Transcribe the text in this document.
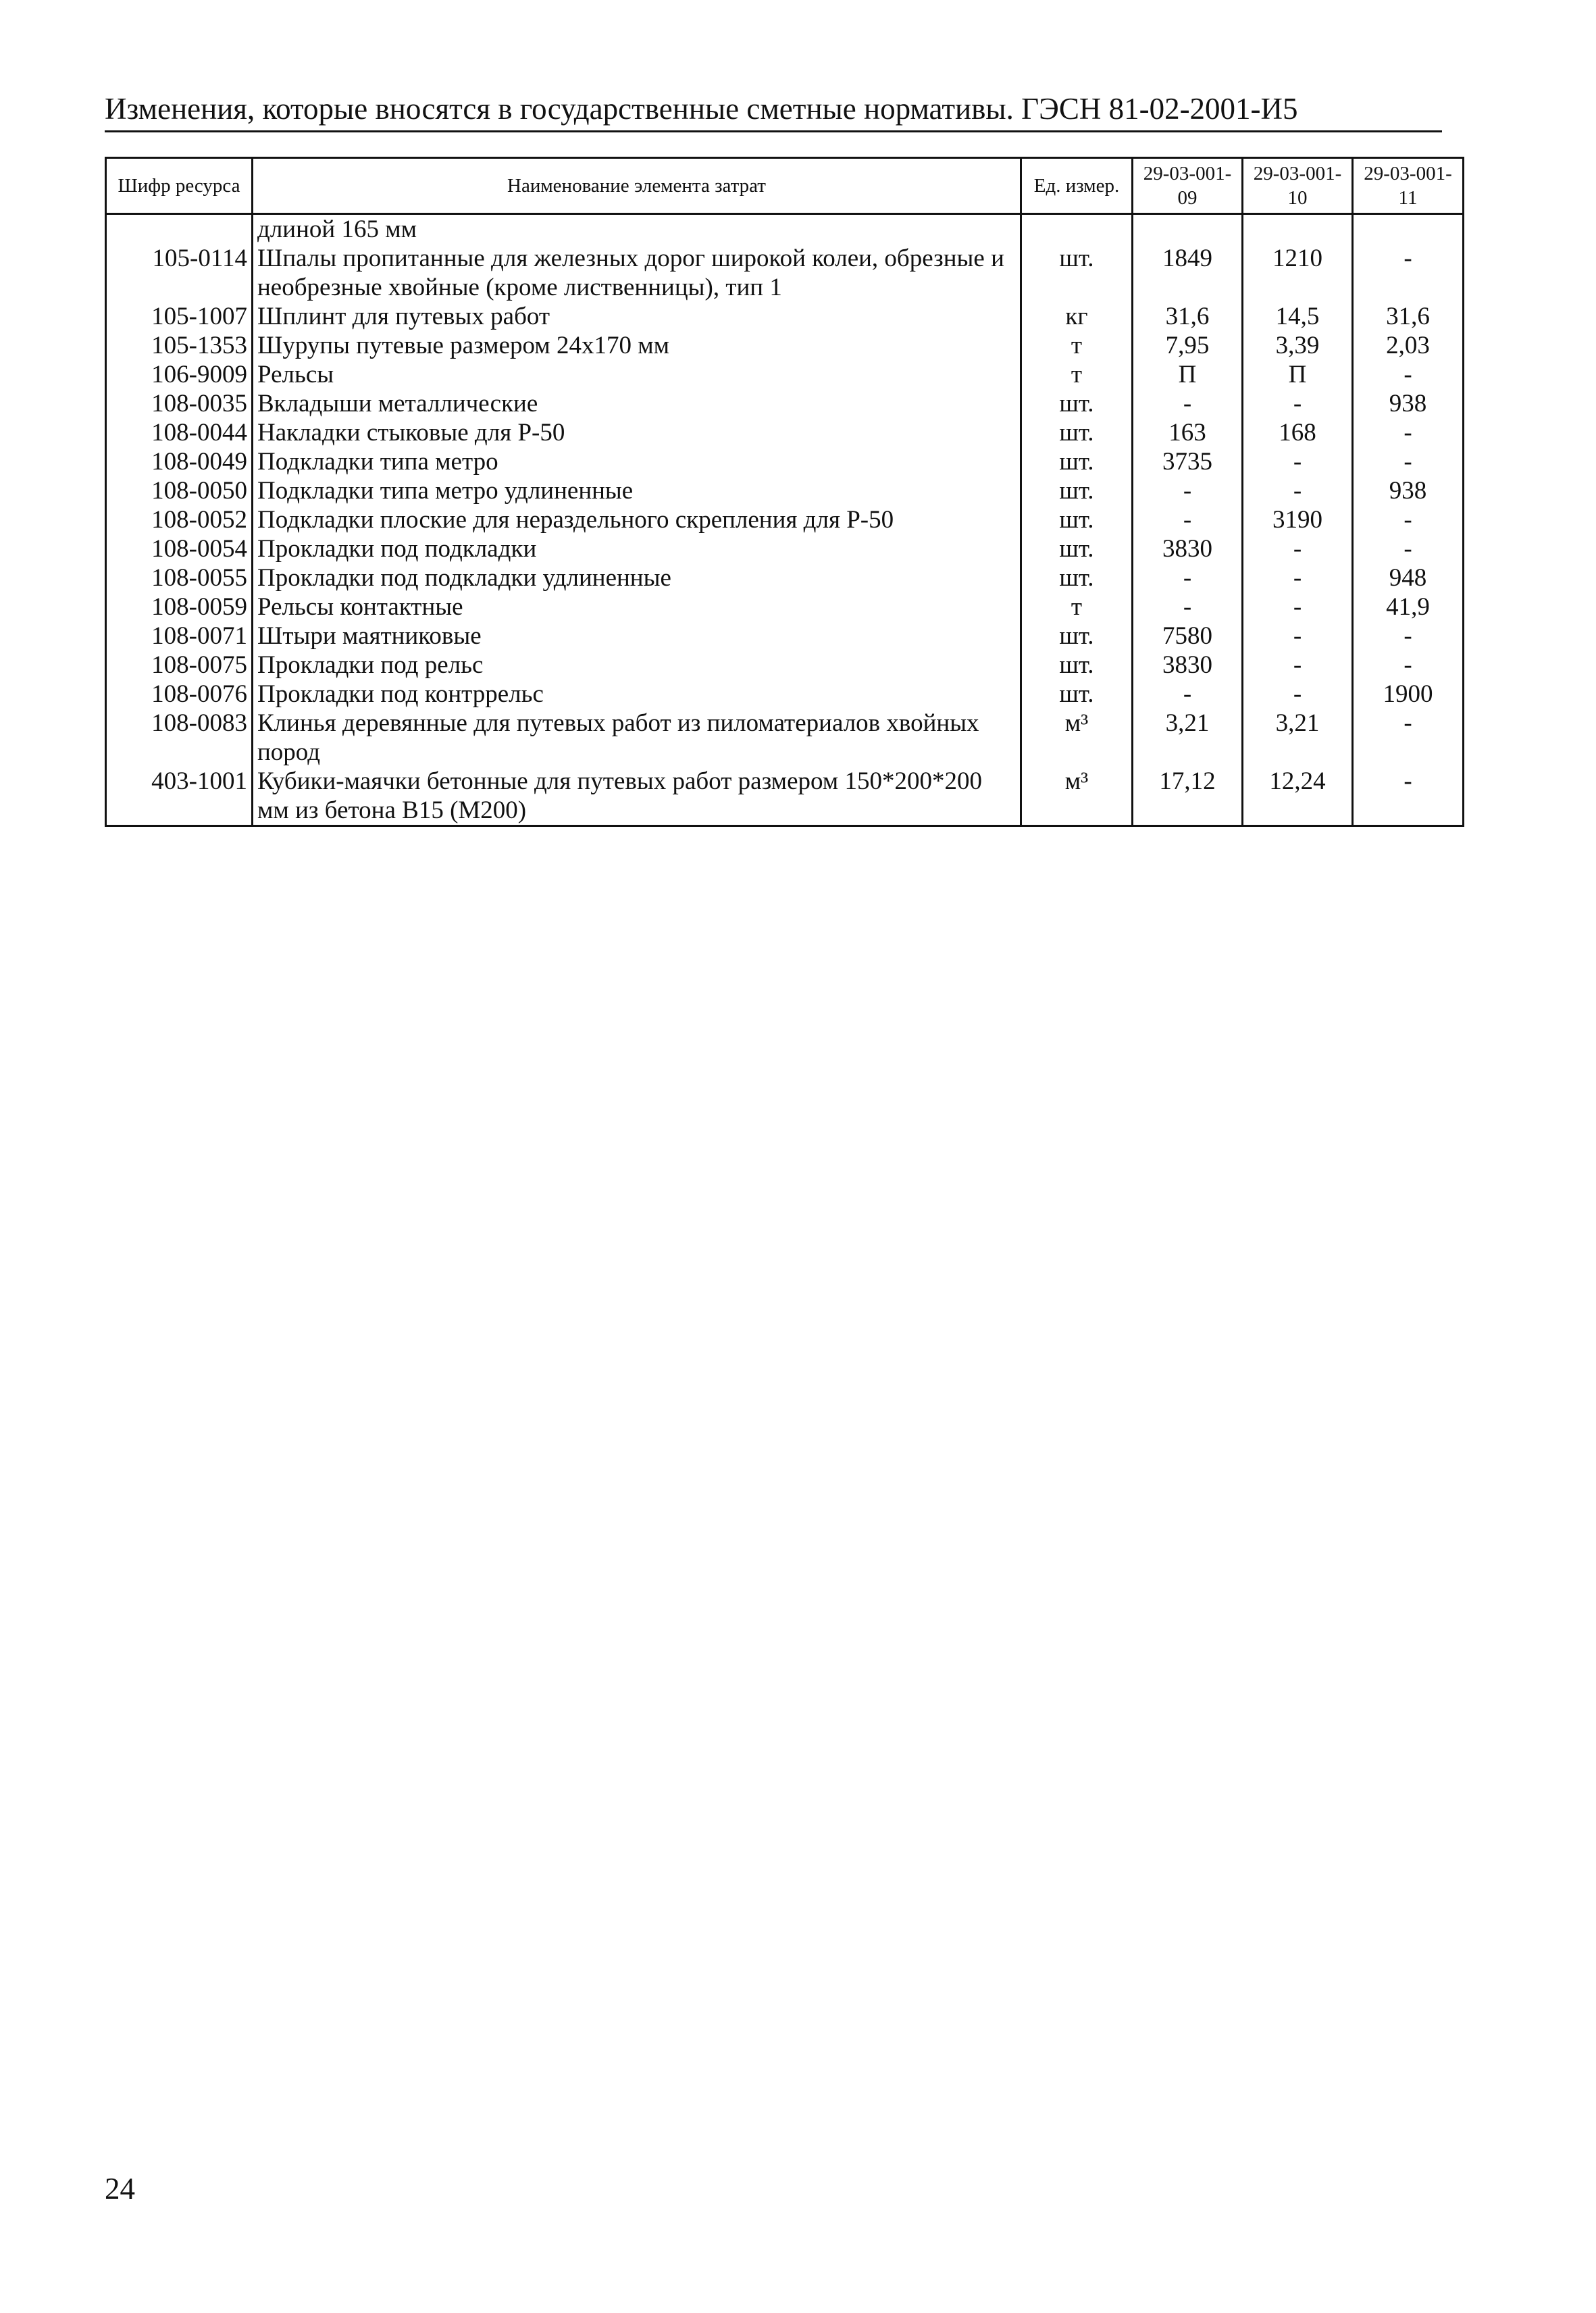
Изменения, которые вносятся в государственные сметные нормативы. ГЭСН 81-02-2001-И5
Шифр ресурса	Наименование элемента затрат	Ед. измер.	29-03-001-09	29-03-001-10	29-03-001-11
	длиной 165 мм				
105-0114	Шпалы пропитанные для железных дорог широкой колеи, обрезные и необрезные хвойные (кроме лиственницы), тип 1	шт.	1849	1210	-
105-1007	Шплинт для путевых работ	кг	31,6	14,5	31,6
105-1353	Шурупы путевые размером 24х170 мм	т	7,95	3,39	2,03
106-9009	Рельсы	т	П	П	-
108-0035	Вкладыши металлические	шт.	-	-	938
108-0044	Накладки стыковые для Р-50	шт.	163	168	-
108-0049	Подкладки типа метро	шт.	3735	-	-
108-0050	Подкладки типа метро удлиненные	шт.	-	-	938
108-0052	Подкладки плоские для нераздельного скрепления для Р-50	шт.	-	3190	-
108-0054	Прокладки под подкладки	шт.	3830	-	-
108-0055	Прокладки под подкладки удлиненные	шт.	-	-	948
108-0059	Рельсы контактные	т	-	-	41,9
108-0071	Штыри маятниковые	шт.	7580	-	-
108-0075	Прокладки под рельс	шт.	3830	-	-
108-0076	Прокладки под контррельс	шт.	-	-	1900
108-0083	Клинья деревянные для путевых работ из пиломатериалов хвойных пород	м³	3,21	3,21	-
403-1001	Кубики-маячки бетонные для путевых работ размером 150*200*200 мм из бетона В15 (М200)	м³	17,12	12,24	-
24
